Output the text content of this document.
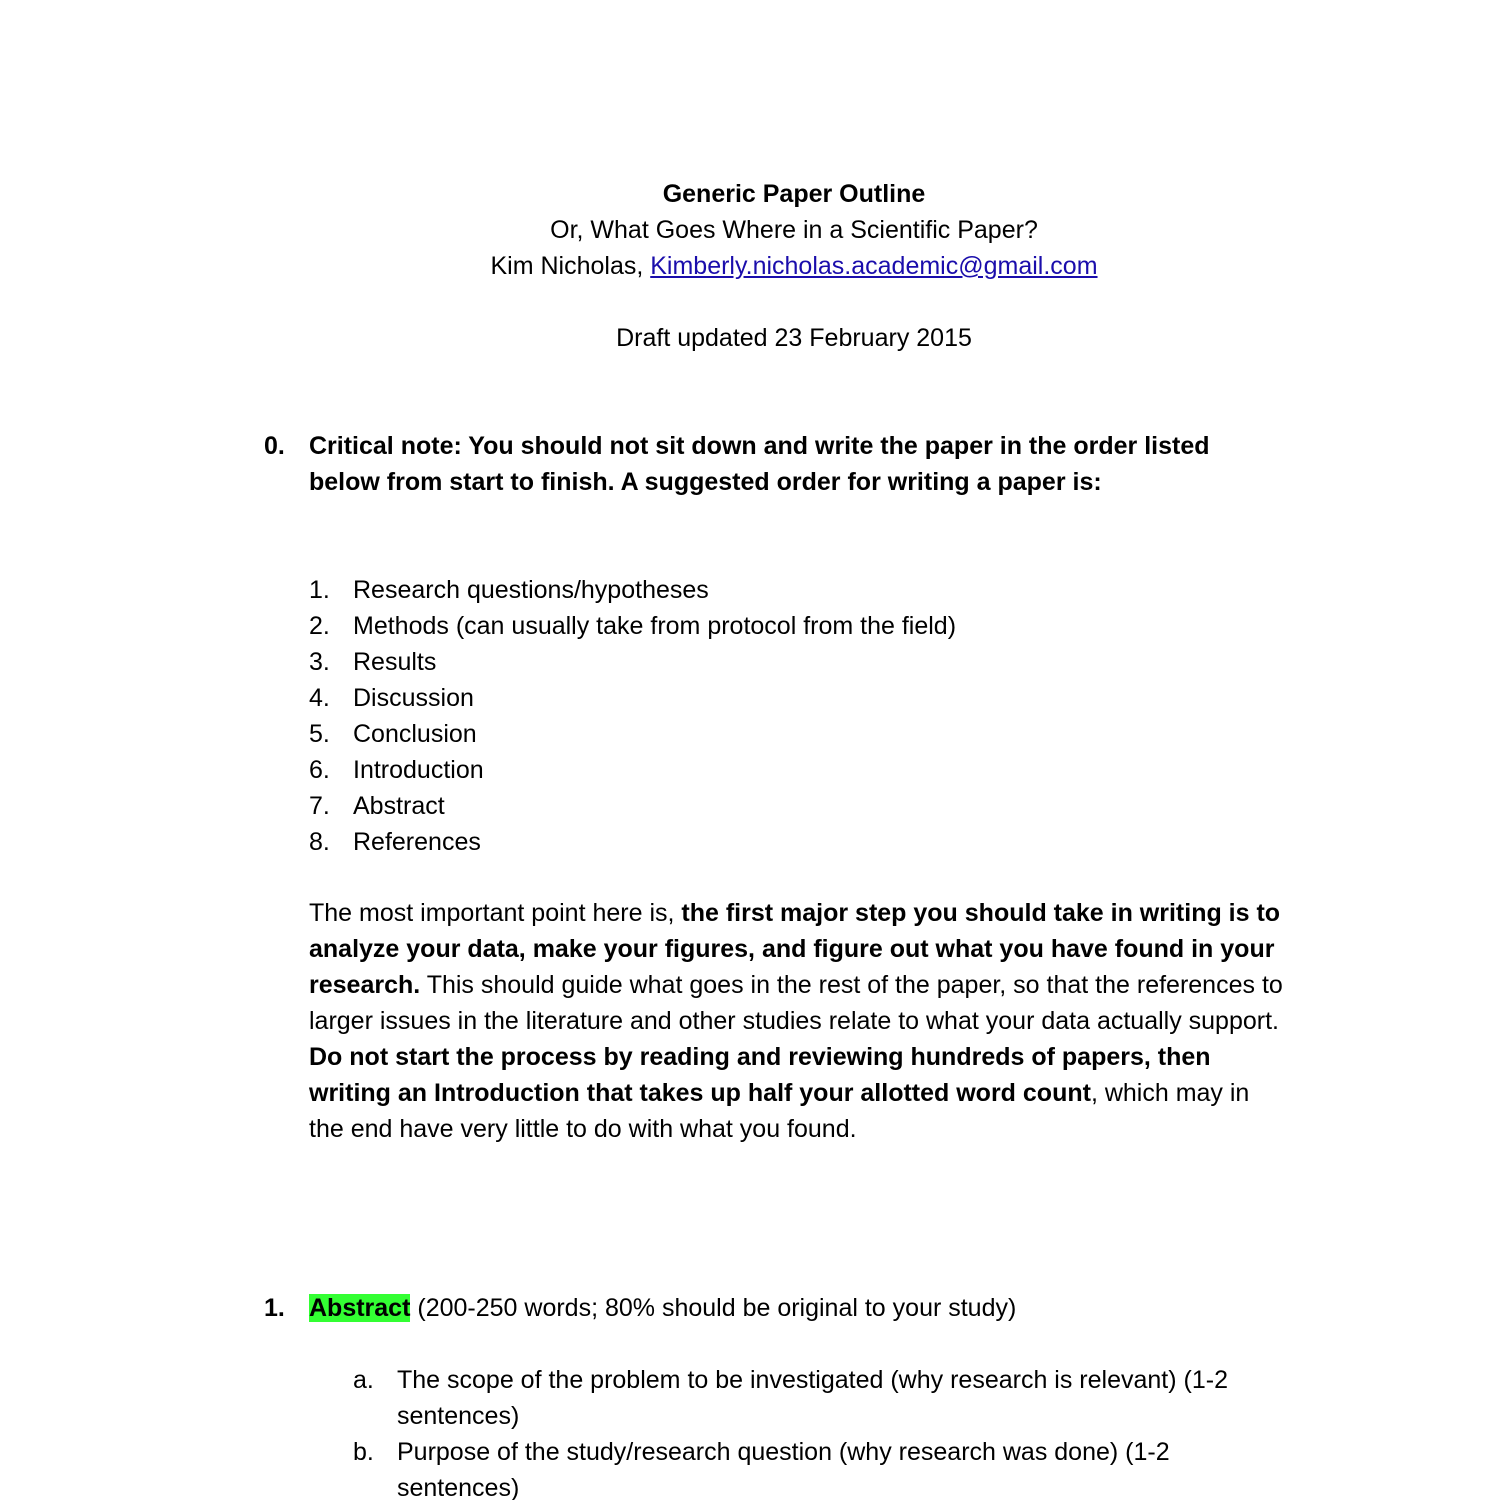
Generic Paper Outline
Or, What Goes Where in a Scientific Paper?
Kim Nicholas, Kimberly.nicholas.academic@gmail.com
Draft updated 23 February 2015
0. Critical note: You should not sit down and write the paper in the order listed below from start to finish. A suggested order for writing a paper is:
1. Research questions/hypotheses
2. Methods (can usually take from protocol from the field)
3. Results
4. Discussion
5. Conclusion
6. Introduction
7. Abstract
8. References
The most important point here is, the first major step you should take in writing is to analyze your data, make your figures, and figure out what you have found in your research. This should guide what goes in the rest of the paper, so that the references to larger issues in the literature and other studies relate to what your data actually support. Do not start the process by reading and reviewing hundreds of papers, then writing an Introduction that takes up half your allotted word count, which may in the end have very little to do with what you found.
1. Abstract (200-250 words; 80% should be original to your study)
a. The scope of the problem to be investigated (why research is relevant) (1-2 sentences)
b. Purpose of the study/research question (why research was done) (1-2 sentences)
